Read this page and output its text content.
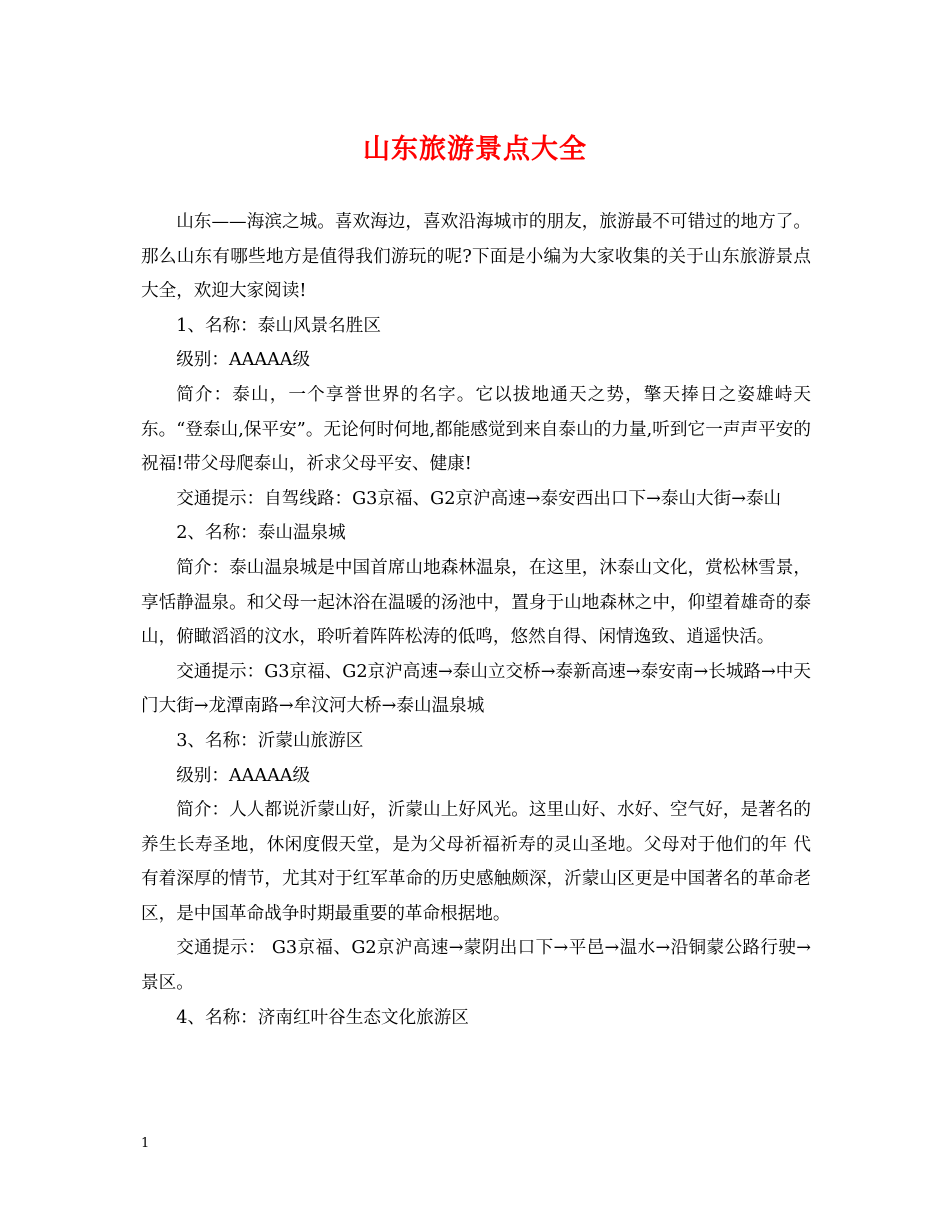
山东旅游景点大全

山东——海滨之城。喜欢海边，喜欢沿海城市的朋友，旅游最不可错过的地方了。那么山东有哪些地方是值得我们游玩的呢?下面是小编为大家收集的关于山东旅游景点大全，欢迎大家阅读!

1、名称：泰山风景名胜区

级别：AAAAA级

简介：泰山，一个享誉世界的名字。它以拔地通天之势，擎天捧日之姿雄峙天东。“登泰山,保平安”。无论何时何地,都能感觉到来自泰山的力量,听到它一声声平安的祝福!带父母爬泰山，祈求父母平安、健康!

交通提示：自驾线路：G3京福、G2京沪高速→泰安西出口下→泰山大街→泰山

2、名称：泰山温泉城

简介：泰山温泉城是中国首席山地森林温泉，在这里，沐泰山文化，赏松林雪景，享恬静温泉。和父母一起沐浴在温暖的汤池中，置身于山地森林之中，仰望着雄奇的泰山，俯瞰滔滔的汶水，聆听着阵阵松涛的低鸣，悠然自得、闲情逸致、逍遥快活。

交通提示：G3京福、G2京沪高速→泰山立交桥→泰新高速→泰安南→长城路→中天门大街→龙潭南路→牟汶河大桥→泰山温泉城

3、名称：沂蒙山旅游区

级别：AAAAA级

简介：人人都说沂蒙山好，沂蒙山上好风光。这里山好、水好、空气好，是著名的养生长寿圣地，休闲度假天堂，是为父母祈福祈寿的灵山圣地。父母对于他们的年 代有着深厚的情节，尤其对于红军革命的历史感触颇深，沂蒙山区更是中国著名的革命老区，是中国革命战争时期最重要的革命根据地。

交通提示： G3京福、G2京沪高速→蒙阴出口下→平邑→温水→沿铜蒙公路行驶→景区。

4、名称：济南红叶谷生态文化旅游区

1
